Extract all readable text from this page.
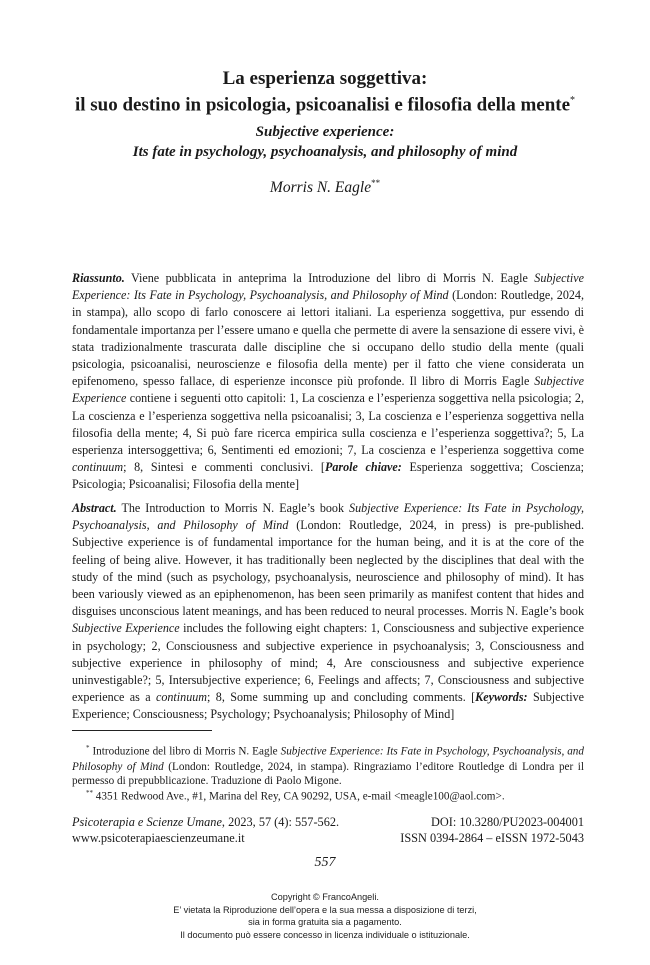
La esperienza soggettiva:
il suo destino in psicologia, psicoanalisi e filosofia della mente*
Subjective experience:
Its fate in psychology, psychoanalysis, and philosophy of mind

Morris N. Eagle**

Riassunto. Viene pubblicata in anteprima la Introduzione del libro di Morris N. Eagle Subjective Experience: Its Fate in Psychology, Psychoanalysis, and Philosophy of Mind (London: Routledge, 2024, in stampa), allo scopo di farlo conoscere ai lettori italiani. La esperienza soggettiva, pur essendo di fondamentale importanza per l’essere umano e quella che permette di avere la sensazione di essere vivi, è stata tradizionalmente trascurata dalle discipline che si occupano dello studio della mente (quali psicologia, psicoanalisi, neuroscienze e filosofia della mente) per il fatto che viene considerata un epifenomeno, spesso fallace, di esperienze inconsce più profonde. Il libro di Morris Eagle Subjective Experience contiene i seguenti otto capitoli: 1, La coscienza e l’esperienza soggettiva nella psicologia; 2, La coscienza e l’esperienza soggettiva nella psicoanalisi; 3, La coscienza e l’esperienza soggettiva nella filosofia della mente; 4, Si può fare ricerca empirica sulla coscienza e l’esperienza soggettiva?; 5, La esperienza intersoggettiva; 6, Sentimenti ed emozioni; 7, La coscienza e l’esperienza soggettiva come continuum; 8, Sintesi e commenti conclusivi. [Parole chiave: Esperienza soggettiva; Coscienza; Psicologia; Psicoanalisi; Filosofia della mente]

Abstract. The Introduction to Morris N. Eagle’s book Subjective Experience: Its Fate in Psychology, Psychoanalysis, and Philosophy of Mind (London: Routledge, 2024, in press) is pre-published. Subjective experience is of fundamental importance for the human being, and it is at the core of the feeling of being alive. However, it has traditionally been neglected by the disciplines that deal with the study of the mind (such as psychology, psychoanalysis, neuroscience and philosophy of mind). It has been variously viewed as an epiphenomenon, has been seen primarily as manifest content that hides and disguises unconscious latent meanings, and has been reduced to neural processes. Morris N. Eagle’s book Subjective Experience includes the following eight chapters: 1, Consciousness and subjective experience in psychology; 2, Consciousness and subjective experience in psychoanalysis; 3, Consciousness and subjective experience in philosophy of mind; 4, Are consciousness and subjective experience uninvestigable?; 5, Intersubjective experience; 6, Feelings and affects; 7, Consciousness and subjective experience as a continuum; 8, Some summing up and concluding comments. [Keywords: Subjective Experience; Consciousness; Psychology; Psychoanalysis; Philosophy of Mind]

* Introduzione del libro di Morris N. Eagle Subjective Experience: Its Fate in Psychology, Psychoanalysis, and Philosophy of Mind (London: Routledge, 2024, in stampa). Ringraziamo l’editore Routledge di Londra per il permesso di prepubblicazione. Traduzione di Paolo Migone.

** 4351 Redwood Ave., #1, Marina del Rey, CA 90292, USA, e-mail <meagle100@aol.com>.

Psicoterapia e Scienze Umane, 2023, 57 (4): 557-562.	DOI: 10.3280/PU2023-004001
www.psicoterapiaescienzeumane.it	ISSN 0394-2864 – eISSN 1972-5043
557
Copyright © FrancoAngeli.
E’ vietata la Riproduzione dell’opera e la sua messa a disposizione di terzi,
sia in forma gratuita sia a pagamento.
Il documento può essere concesso in licenza individuale o istituzionale.
